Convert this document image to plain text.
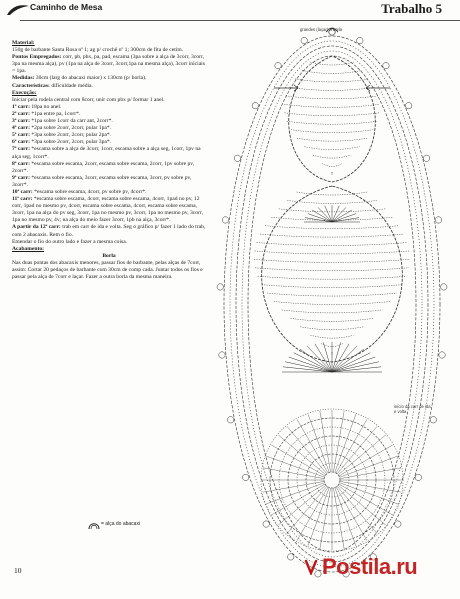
Caminho de Mesa	Trabalho 5

Material:

150g de barbante Santa Rosa nº 1; ag p/ crochê nº 1; 300cm de fita de cetim.

Pontos Empregados: corr, pb, pbx, pa, pad, escama (3pa sobre a alça de 3corr, 3corr, 3pa na mesma alça), pv (1pa na alça de 3corr, 3corr,1pa na mesma alça), 3corr iniciais = 1pa.

Medidas: 30cm (larg do abacaxi maior) x 130cm (p/ borla).

Características: dificuldade média.

Execução:

Iniciar pela rodela central com 8corr, unir com pbx p/ formar 1 anel.

1ª carr: 18pa no anel.

2ª carr: *1pa entre pa, 1corr*.

3ª carr: *1pa sobre 1corr da carr ant, 2corr*.

4ª carr: *2pa sobre 2corr, 2corr, pular 1pa*.

5ª carr: *3pa sobre 2corr, 2corr, pular 2pa*.

6ª carr: *3pa sobre 2corr, 2corr, pular 3pa*.

7ª carr: *escama sobre a alça de 3corr, 1corr, escama sobre a alça seg, 1corr, 1pv na alça seg, 1corr*.

8ª carr: *escama sobre escama, 2corr, escama sobre escama, 2corr, 1pv sobre pv, 2corr*.

9ª carr: *escama sobre escama, 3corr, escama sobre escama, 3corr, pv sobre pv, 3corr*.

10ª carr: *escama sobre escama, 4corr, pv sobre pv, 4corr*.

11ª carr: *escama sobre escama, 4corr, escama sobre escama, 4corr, 1pad no pv, 12 corr, 1pad no mesmo pv, 4corr, escama sobre escama, 4corr, escama sobre escama, 3corr, 1pa na alça do pv seg, 3corr, 1pa no mesmo pv, 3corr, 1pa no mesmo pv, 3corr, 1pa no mesmo pv, 4v; na alça do meio fazer 3corr, 1pb na alça, 3corr*.

A partir da 12ª carr: trab em carr de ida e volta. Seg o gráfico p/ fazer 1 lado do trab, com 2 abacaxis. Rem o fio.

Emendar o fio do outro lado e fazer a mesma coisa.

Acabamento:

Borla

Nas duas pontas dos abacaxis menores, passar fios de barbante, pelas alças de 7corr, assim: Cortar 20 pedaços de barbante com 30cm de comp cada. Juntar todos os fios e passar pela alça de 7corr e laçar. Fazer a outra borla da mesma maneira.

grandes (laçar) a borla
início da carr de ida e volta
= alça do abacaxi
10	Postila.ru
